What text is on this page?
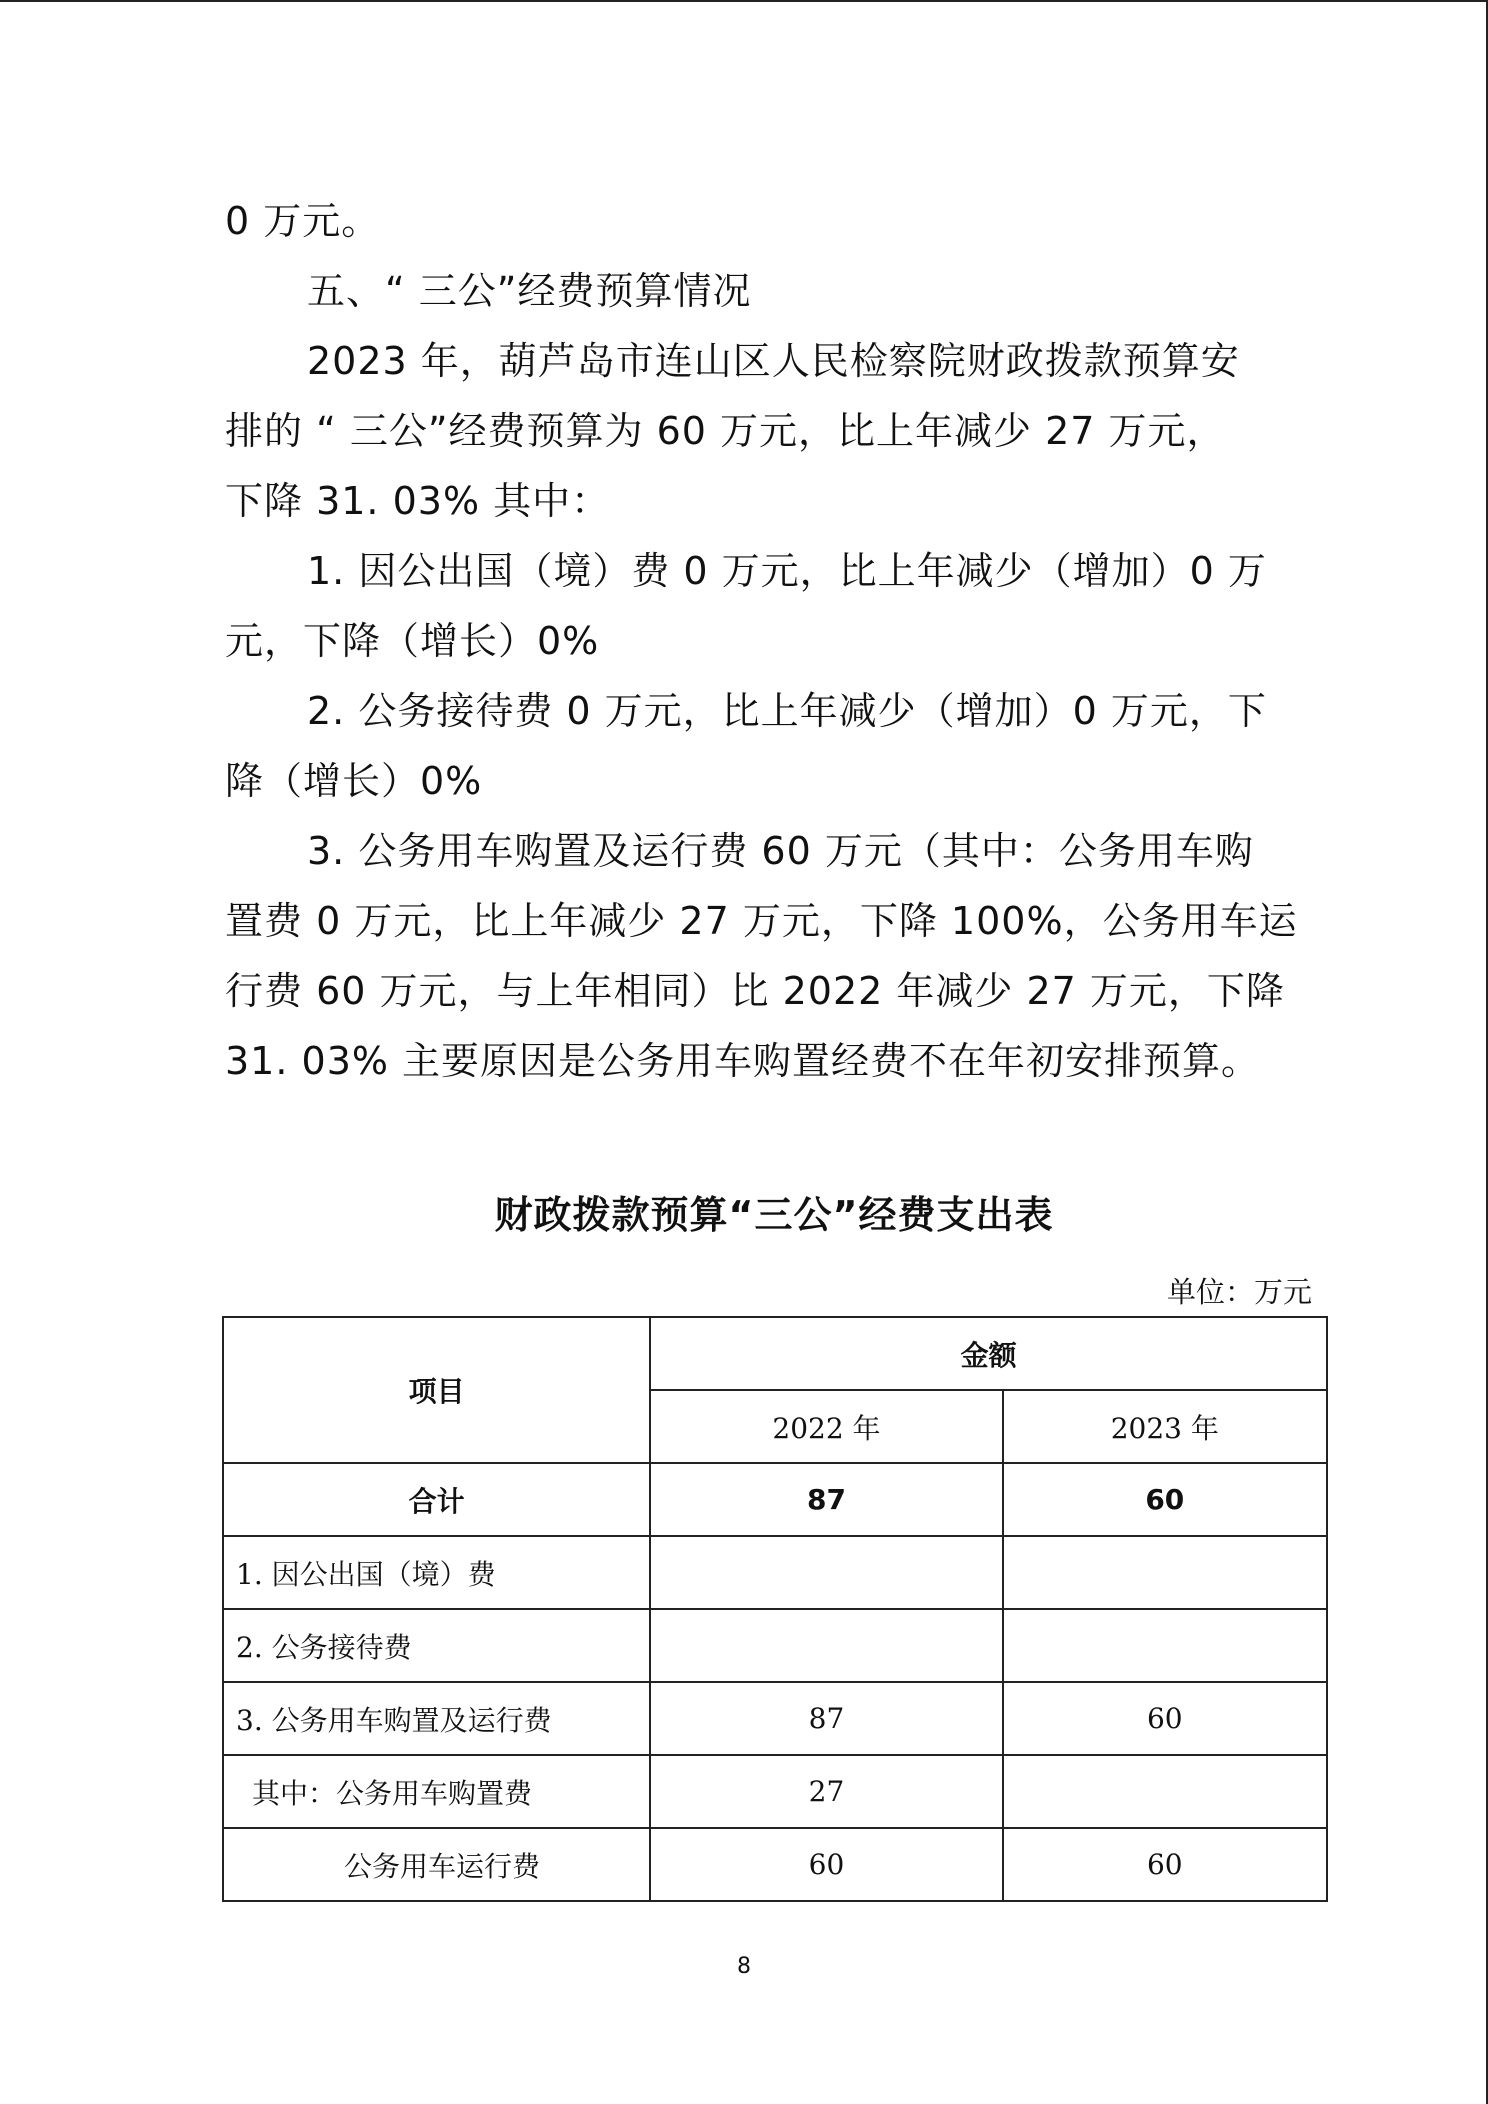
0 万元。

五、“ 三公”经费预算情况

2023 年，葫芦岛市连山区人民检察院财政拨款预算安

排的 “ 三公”经费预算为 60 万元，比上年减少 27 万元，

下降 31. 03% 其中：

1. 因公出国（境）费 0 万元，比上年减少（增加）0 万

元，下降（增长）0%

2. 公务接待费 0 万元，比上年减少（增加）0 万元，下

降（增长）0%

3. 公务用车购置及运行费 60 万元（其中：公务用车购

置费 0 万元，比上年减少 27 万元，下降 100%，公务用车运

行费 60 万元，与上年相同）比 2022 年减少 27 万元，下降

31. 03% 主要原因是公务用车购置经费不在年初安排预算。

财政拨款预算“三公”经费支出表
单位：万元
项目	金额	
	2022 年	2023 年
合计	87	60
1. 因公出国（境）费		
2. 公务接待费		
3. 公务用车购置及运行费	87	60
其中：公务用车购置费	27	
公务用车运行费	60	60
8
